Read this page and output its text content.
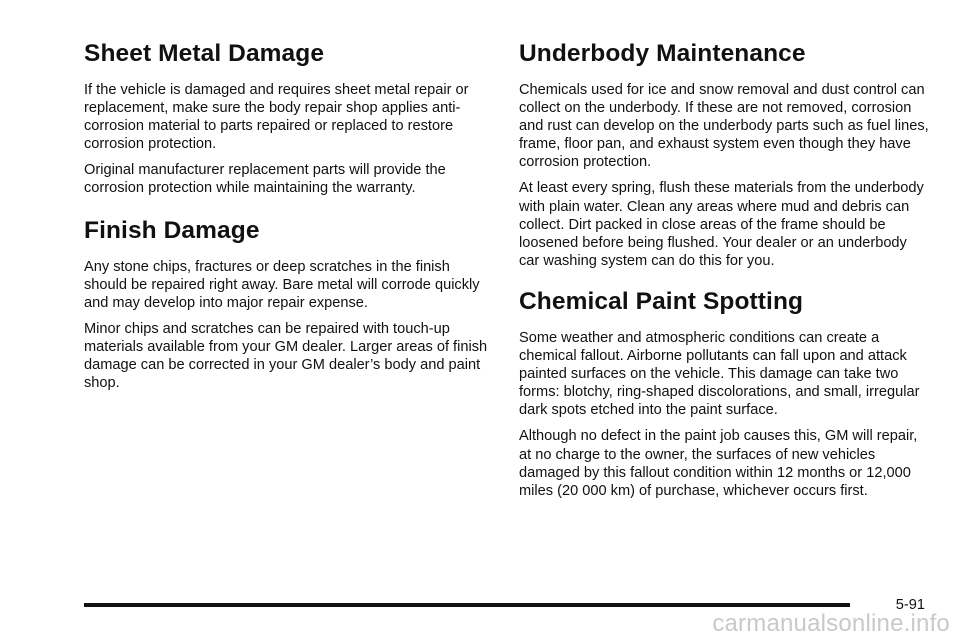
Sheet Metal Damage

If the vehicle is damaged and requires sheet metal repair or replacement, make sure the body repair shop applies anti-corrosion material to parts repaired or replaced to restore corrosion protection.

Original manufacturer replacement parts will provide the corrosion protection while maintaining the warranty.

Finish Damage

Any stone chips, fractures or deep scratches in the finish should be repaired right away. Bare metal will corrode quickly and may develop into major repair expense.

Minor chips and scratches can be repaired with touch-up materials available from your GM dealer. Larger areas of finish damage can be corrected in your GM dealer’s body and paint shop.

Underbody Maintenance

Chemicals used for ice and snow removal and dust control can collect on the underbody. If these are not removed, corrosion and rust can develop on the underbody parts such as fuel lines, frame, floor pan, and exhaust system even though they have corrosion protection.

At least every spring, flush these materials from the underbody with plain water. Clean any areas where mud and debris can collect. Dirt packed in close areas of the frame should be loosened before being flushed. Your dealer or an underbody car washing system can do this for you.

Chemical Paint Spotting

Some weather and atmospheric conditions can create a chemical fallout. Airborne pollutants can fall upon and attack painted surfaces on the vehicle. This damage can take two forms: blotchy, ring-shaped discolorations, and small, irregular dark spots etched into the paint surface.

Although no defect in the paint job causes this, GM will repair, at no charge to the owner, the surfaces of new vehicles damaged by this fallout condition within 12 months or 12,000 miles (20 000 km) of purchase, whichever occurs first.

5-91
carmanualsonline.info
